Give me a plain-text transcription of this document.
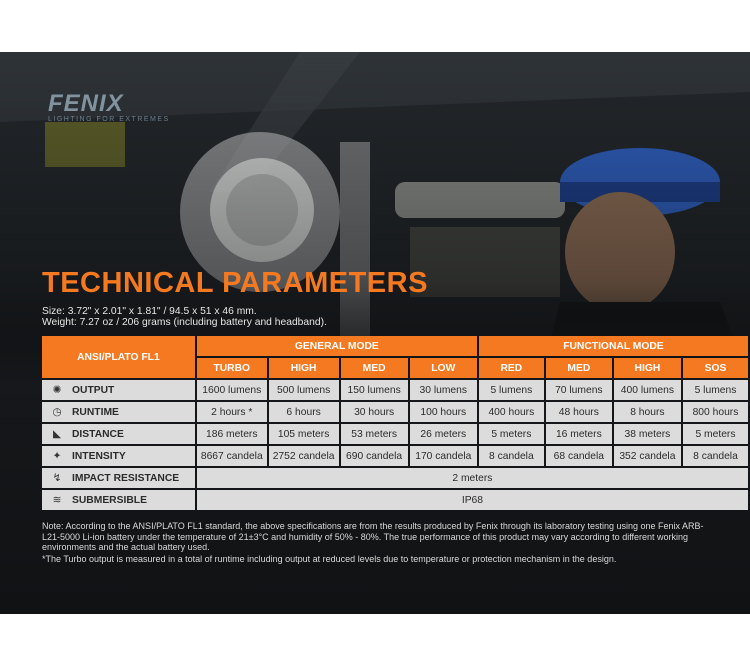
FENIX
LIGHTING FOR EXTREMES
TECHNICAL PARAMETERS
Size: 3.72" x 2.01" x 1.81" / 94.5 x 51 x 46 mm.
Weight: 7.27 oz / 206 grams (including battery and headband).
ANSI/PLATO FL1	GENERAL MODE				FUNCTIONAL MODE			
	TURBO	HIGH	MED	LOW	RED	MED	HIGH	SOS
✺ OUTPUT	1600 lumens	500 lumens	150 lumens	30 lumens	5 lumens	70 lumens	400 lumens	5 lumens
◷ RUNTIME	2 hours *	6 hours	30 hours	100 hours	400 hours	48 hours	8 hours	800 hours
◣ DISTANCE	186 meters	105 meters	53 meters	26 meters	5 meters	16 meters	38 meters	5 meters
✦ INTENSITY	8667 candela	2752 candela	690 candela	170 candela	8 candela	68 candela	352 candela	8 candela
↯ IMPACT RESISTANCE	2 meters							
≋ SUBMERSIBLE	IP68							
Note: According to the ANSI/PLATO FL1 standard, the above specifications are from the results produced by Fenix through its laboratory testing using one Fenix ARB-L21-5000 Li-ion battery under the temperature of 21±3°C and humidity of 50% - 80%. The true performance of this product may vary according to different working environments and the actual battery used.
*The Turbo output is measured in a total of runtime including output at reduced levels due to temperature or protection mechanism in the design.
